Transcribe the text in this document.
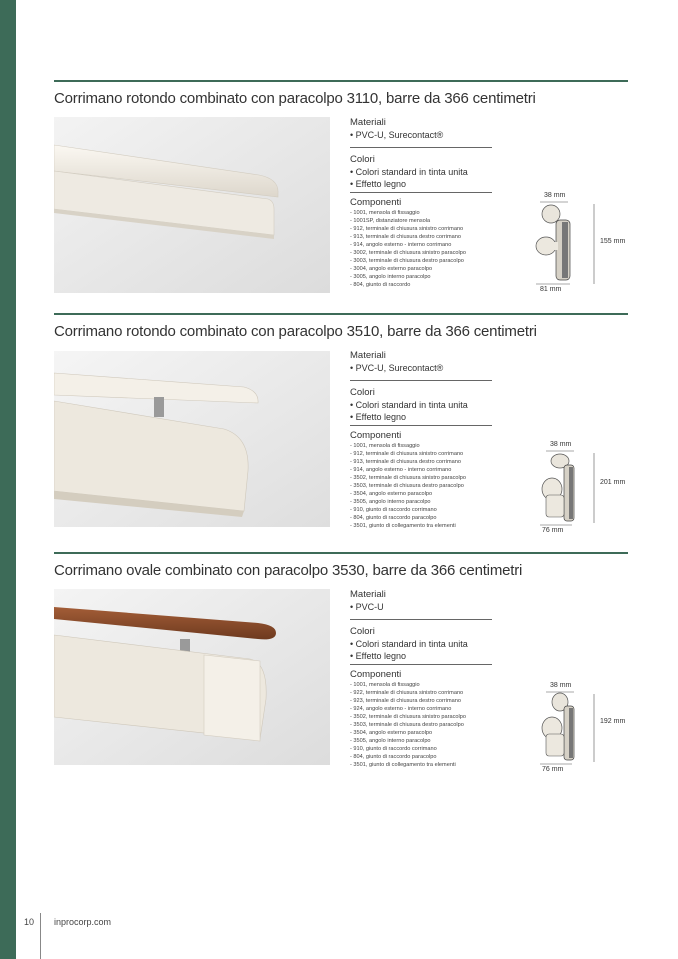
Corrimano rotondo combinato con paracolpo 3110, barre da 366 centimetri

Materiali

• PVC-U, Surecontact®

Colori

• Colori standard in tinta unita
• Effetto legno

Componenti

- 1001, mensola di fissaggio
- 1001SP, distanziatore mensola
- 912, terminale di chiusura sinistro corrimano
- 913, terminale di chiusura destro corrimano
- 914, angolo esterno - interno corrimano
- 3002, terminale di chiusura sinistro paracolpo
- 3003, terminale di chiusura destro paracolpo
- 3004, angolo esterno paracolpo
- 3005, angolo interno paracolpo
- 804, giunto di raccordo
38 mm
155 mm
81 mm
Corrimano rotondo combinato con paracolpo 3510, barre da 366 centimetri

Materiali

• PVC-U, Surecontact®

Colori

• Colori standard in tinta unita
• Effetto legno

Componenti

- 1001, mensola di fissaggio
- 912, terminale di chiusura sinistro corrimano
- 913, terminale di chiusura destro corrimano
- 914, angolo esterno - interno corrimano
- 3502, terminale di chiusura sinistro paracolpo
- 3503, terminale di chiusura destro paracolpo
- 3504, angolo esterno paracolpo
- 3505, angolo interno paracolpo
- 910, giunto di raccordo corrimano
- 804, giunto di raccordo paracolpo
- 3501, giunto di collegamento tra elementi
38 mm
201 mm
76 mm
Corrimano ovale combinato con paracolpo 3530, barre da 366 centimetri

Materiali

• PVC-U

Colori

• Colori standard in tinta unita
• Effetto legno

Componenti

- 1001, mensola di fissaggio
- 922, terminale di chiusura sinistro corrimano
- 923, terminale di chiusura destro corrimano
- 924, angolo esterno - interno corrimano
- 3502, terminale di chiusura sinistro paracolpo
- 3503, terminale di chiusura destro paracolpo
- 3504, angolo esterno paracolpo
- 3505, angolo interno paracolpo
- 910, giunto di raccordo corrimano
- 804, giunto di raccordo paracolpo
- 3501, giunto di collegamento tra elementi
38 mm
192 mm
76 mm
10 inprocorp.com
